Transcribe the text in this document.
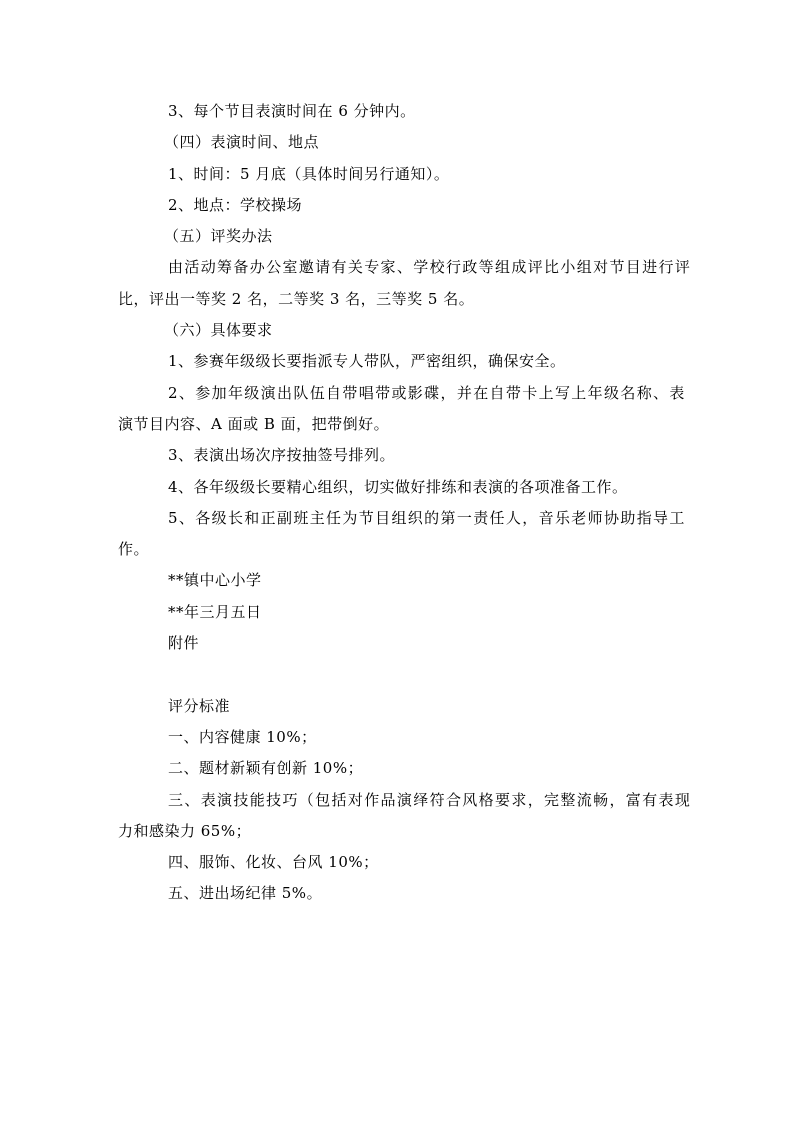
3、每个节目表演时间在 6 分钟内。
（四）表演时间、地点
1、时间：5 月底（具体时间另行通知）。
2、地点：学校操场
（五）评奖办法
由活动筹备办公室邀请有关专家、学校行政等组成评比小组对节目进行评
比，评出一等奖 2 名，二等奖 3 名，三等奖 5 名。
（六）具体要求
1、参赛年级级长要指派专人带队，严密组织，确保安全。
2、参加年级演出队伍自带唱带或影碟，并在自带卡上写上年级名称、表
演节目内容、A 面或 B 面，把带倒好。
3、表演出场次序按抽签号排列。
4、各年级级长要精心组织，切实做好排练和表演的各项准备工作。
5、各级长和正副班主任为节目组织的第一责任人，音乐老师协助指导工
作。
**镇中心小学
**年三月五日
附件
评分标准
一、内容健康 10%；
二、题材新颖有创新 10%；
三、表演技能技巧（包括对作品演绎符合风格要求，完整流畅，富有表现
力和感染力 65%；
四、服饰、化妆、台风 10%；
五、进出场纪律 5%。
